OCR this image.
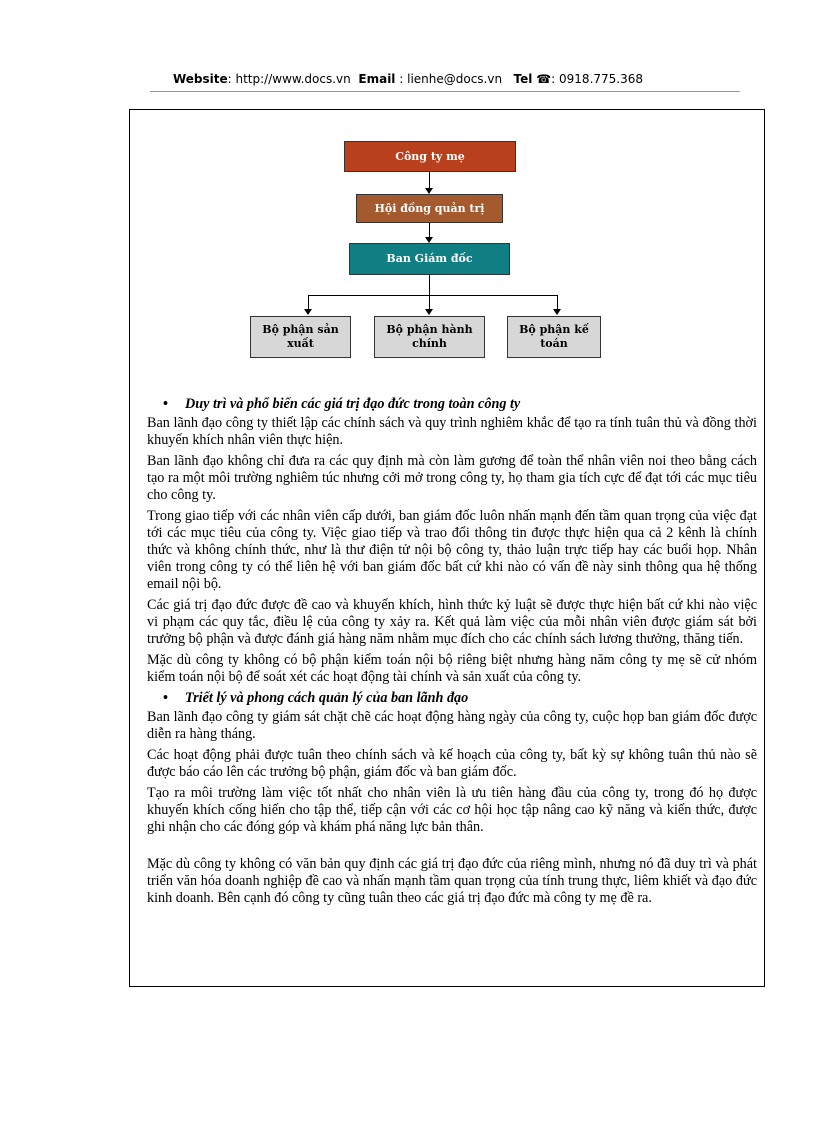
Website: http://www.docs.vn Email : lienhe@docs.vn Tel ☎: 0918.775.368
Công ty mẹ
Hội đồng quản trị
Ban Giám đốc
Bộ phận sản xuất
Bộ phận hành chính
Bộ phận kế toán
• Duy trì và phổ biến các giá trị đạo đức trong toàn công ty

Ban lãnh đạo công ty thiết lập các chính sách và quy trình nghiêm khắc để tạo ra tính tuân thủ và đồng thời khuyến khích nhân viên thực hiện.

Ban lãnh đạo không chỉ đưa ra các quy định mà còn làm gương để toàn thể nhân viên noi theo bằng cách tạo ra một môi trường nghiêm túc nhưng cởi mở trong công ty, họ tham gia tích cực để đạt tới các mục tiêu cho công ty.

Trong giao tiếp với các nhân viên cấp dưới, ban giám đốc luôn nhấn mạnh đến tầm quan trọng của việc đạt tới các mục tiêu của công ty. Việc giao tiếp và trao đổi thông tin được thực hiện qua cả 2 kênh là chính thức và không chính thức, như là thư điện tử nội bộ công ty, thảo luận trực tiếp hay các buổi họp. Nhân viên trong công ty có thể liên hệ với ban giám đốc bất cứ khi nào có vấn đề này sinh thông qua hệ thống email nội bộ.

Các giá trị đạo đức được đề cao và khuyến khích, hình thức kỷ luật sẽ được thực hiện bất cứ khi nào việc vi phạm các quy tắc, điều lệ của công ty xảy ra. Kết quả làm việc của mỗi nhân viên được giám sát bởi trưởng bộ phận và được đánh giá hàng năm nhằm mục đích cho các chính sách lương thưởng, thăng tiến.

Mặc dù công ty không có bộ phận kiểm toán nội bộ riêng biệt nhưng hàng năm công ty mẹ sẽ cử nhóm kiểm toán nội bộ để soát xét các hoạt động tài chính và sản xuất của công ty.

• Triết lý và phong cách quản lý của ban lãnh đạo

Ban lãnh đạo công ty giám sát chặt chẽ các hoạt động hàng ngày của công ty, cuộc họp ban giám đốc được diễn ra hàng tháng.

Các hoạt động phải được tuân theo chính sách và kế hoạch của công ty, bất kỳ sự không tuân thủ nào sẽ được báo cáo lên các trưởng bộ phận, giám đốc và ban giám đốc.

Tạo ra môi trường làm việc tốt nhất cho nhân viên là ưu tiên hàng đầu của công ty, trong đó họ được khuyến khích cống hiến cho tập thể, tiếp cận với các cơ hội học tập nâng cao kỹ năng và kiến thức, được ghi nhận cho các đóng góp và khám phá năng lực bản thân.

Mặc dù công ty không có văn bản quy định các giá trị đạo đức của riêng mình, nhưng nó đã duy trì và phát triển văn hóa doanh nghiệp đề cao và nhấn mạnh tầm quan trọng của tính trung thực, liêm khiết và đạo đức kinh doanh. Bên cạnh đó công ty cũng tuân theo các giá trị đạo đức mà công ty mẹ đề ra.
